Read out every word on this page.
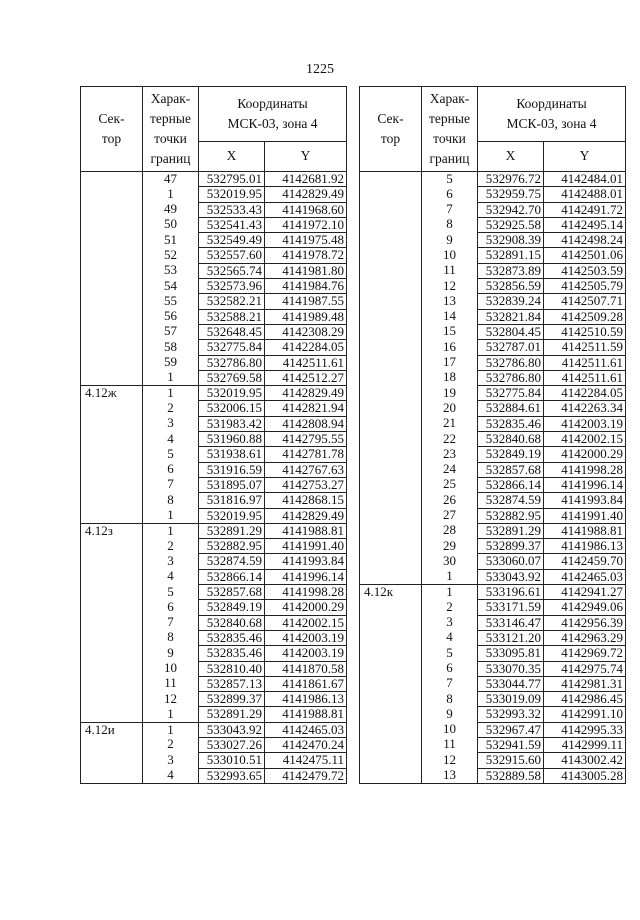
1225
Сек-
тор	Харак-
терные
точки
границ	Координаты
МСК-03, зона 4	
		X	Y
	47	532795.01	4142681.92
	1	532019.95	4142829.49
	49	532533.43	4141968.60
	50	532541.43	4141972.10
	51	532549.49	4141975.48
	52	532557.60	4141978.72
	53	532565.74	4141981.80
	54	532573.96	4141984.76
	55	532582.21	4141987.55
	56	532588.21	4141989.48
	57	532648.45	4142308.29
	58	532775.84	4142284.05
	59	532786.80	4142511.61
	1	532769.58	4142512.27
4.12ж	1	532019.95	4142829.49
	2	532006.15	4142821.94
	3	531983.42	4142808.94
	4	531960.88	4142795.55
	5	531938.61	4142781.78
	6	531916.59	4142767.63
	7	531895.07	4142753.27
	8	531816.97	4142868.15
	1	532019.95	4142829.49
4.12з	1	532891.29	4141988.81
	2	532882.95	4141991.40
	3	532874.59	4141993.84
	4	532866.14	4141996.14
	5	532857.68	4141998.28
	6	532849.19	4142000.29
	7	532840.68	4142002.15
	8	532835.46	4142003.19
	9	532835.46	4142003.19
	10	532810.40	4141870.58
	11	532857.13	4141861.67
	12	532899.37	4141986.13
	1	532891.29	4141988.81
4.12и	1	533043.92	4142465.03
	2	533027.26	4142470.24
	3	533010.51	4142475.11
	4	532993.65	4142479.72
Сек-
тор	Харак-
терные
точки
границ	Координаты
МСК-03, зона 4	
		X	Y
	5	532976.72	4142484.01
	6	532959.75	4142488.01
	7	532942.70	4142491.72
	8	532925.58	4142495.14
	9	532908.39	4142498.24
	10	532891.15	4142501.06
	11	532873.89	4142503.59
	12	532856.59	4142505.79
	13	532839.24	4142507.71
	14	532821.84	4142509.28
	15	532804.45	4142510.59
	16	532787.01	4142511.59
	17	532786.80	4142511.61
	18	532786.80	4142511.61
	19	532775.84	4142284.05
	20	532884.61	4142263.34
	21	532835.46	4142003.19
	22	532840.68	4142002.15
	23	532849.19	4142000.29
	24	532857.68	4141998.28
	25	532866.14	4141996.14
	26	532874.59	4141993.84
	27	532882.95	4141991.40
	28	532891.29	4141988.81
	29	532899.37	4141986.13
	30	533060.07	4142459.70
	1	533043.92	4142465.03
4.12к	1	533196.61	4142941.27
	2	533171.59	4142949.06
	3	533146.47	4142956.39
	4	533121.20	4142963.29
	5	533095.81	4142969.72
	6	533070.35	4142975.74
	7	533044.77	4142981.31
	8	533019.09	4142986.45
	9	532993.32	4142991.10
	10	532967.47	4142995.33
	11	532941.59	4142999.11
	12	532915.60	4143002.42
	13	532889.58	4143005.28
